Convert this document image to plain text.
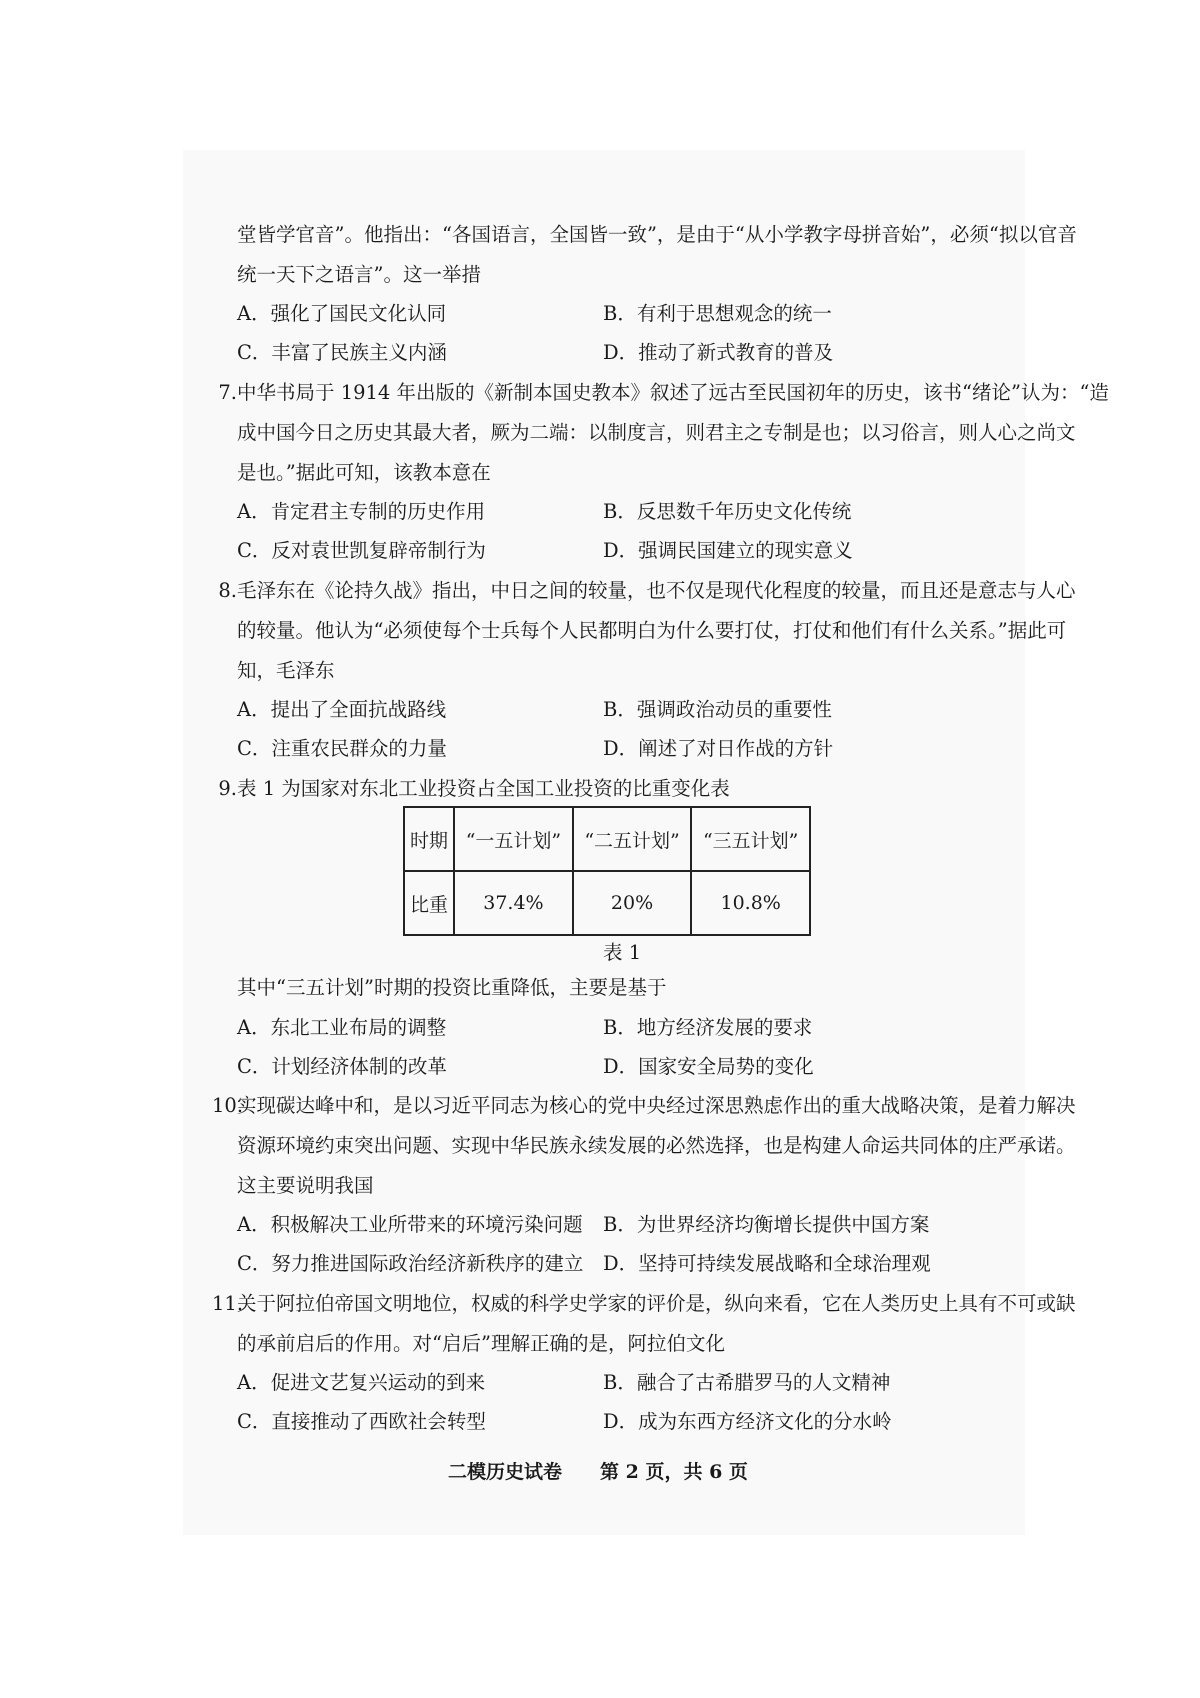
堂皆学官音”。他指出：“各国语言，全国皆一致”，是由于“从小学教字母拼音始”，必须“拟以官音
统一天下之语言”。这一举措
A．强化了国民文化认同	B．有利于思想观念的统一
C．丰富了民族主义内涵	D．推动了新式教育的普及
7.中华书局于 1914 年出版的《新制本国史教本》叙述了远古至民国初年的历史，该书“绪论”认为：“造
成中国今日之历史其最大者，厥为二端：以制度言，则君主之专制是也；以习俗言，则人心之尚文
是也。”据此可知，该教本意在
A．肯定君主专制的历史作用	B．反思数千年历史文化传统
C．反对袁世凯复辟帝制行为	D．强调民国建立的现实意义
8.毛泽东在《论持久战》指出，中日之间的较量，也不仅是现代化程度的较量，而且还是意志与人心
的较量。他认为“必须使每个士兵每个人民都明白为什么要打仗，打仗和他们有什么关系。”据此可
知，毛泽东
A．提出了全面抗战路线	B．强调政治动员的重要性
C．注重农民群众的力量	D．阐述了对日作战的方针
9.表 1 为国家对东北工业投资占全国工业投资的比重变化表
时期	“一五计划”	“二五计划”	“三五计划”
比重	37.4%	20%	10.8%
表 1
其中“三五计划”时期的投资比重降低，主要是基于
A．东北工业布局的调整	B．地方经济发展的要求
C．计划经济体制的改革	D．国家安全局势的变化
10.实现碳达峰中和，是以习近平同志为核心的党中央经过深思熟虑作出的重大战略决策，是着力解决
资源环境约束突出问题、实现中华民族永续发展的必然选择，也是构建人命运共同体的庄严承诺。
这主要说明我国
A．积极解决工业所带来的环境污染问题 B．为世界经济均衡增长提供中国方案
C．努力推进国际政治经济新秩序的建立 D．坚持可持续发展战略和全球治理观
11.关于阿拉伯帝国文明地位，权威的科学史学家的评价是，纵向来看，它在人类历史上具有不可或缺
的承前启后的作用。对“启后”理解正确的是，阿拉伯文化
A．促进文艺复兴运动的到来	B．融合了古希腊罗马的人文精神
C．直接推动了西欧社会转型	D．成为东西方经济文化的分水岭
二模历史试卷　　第 2 页，共 6 页
